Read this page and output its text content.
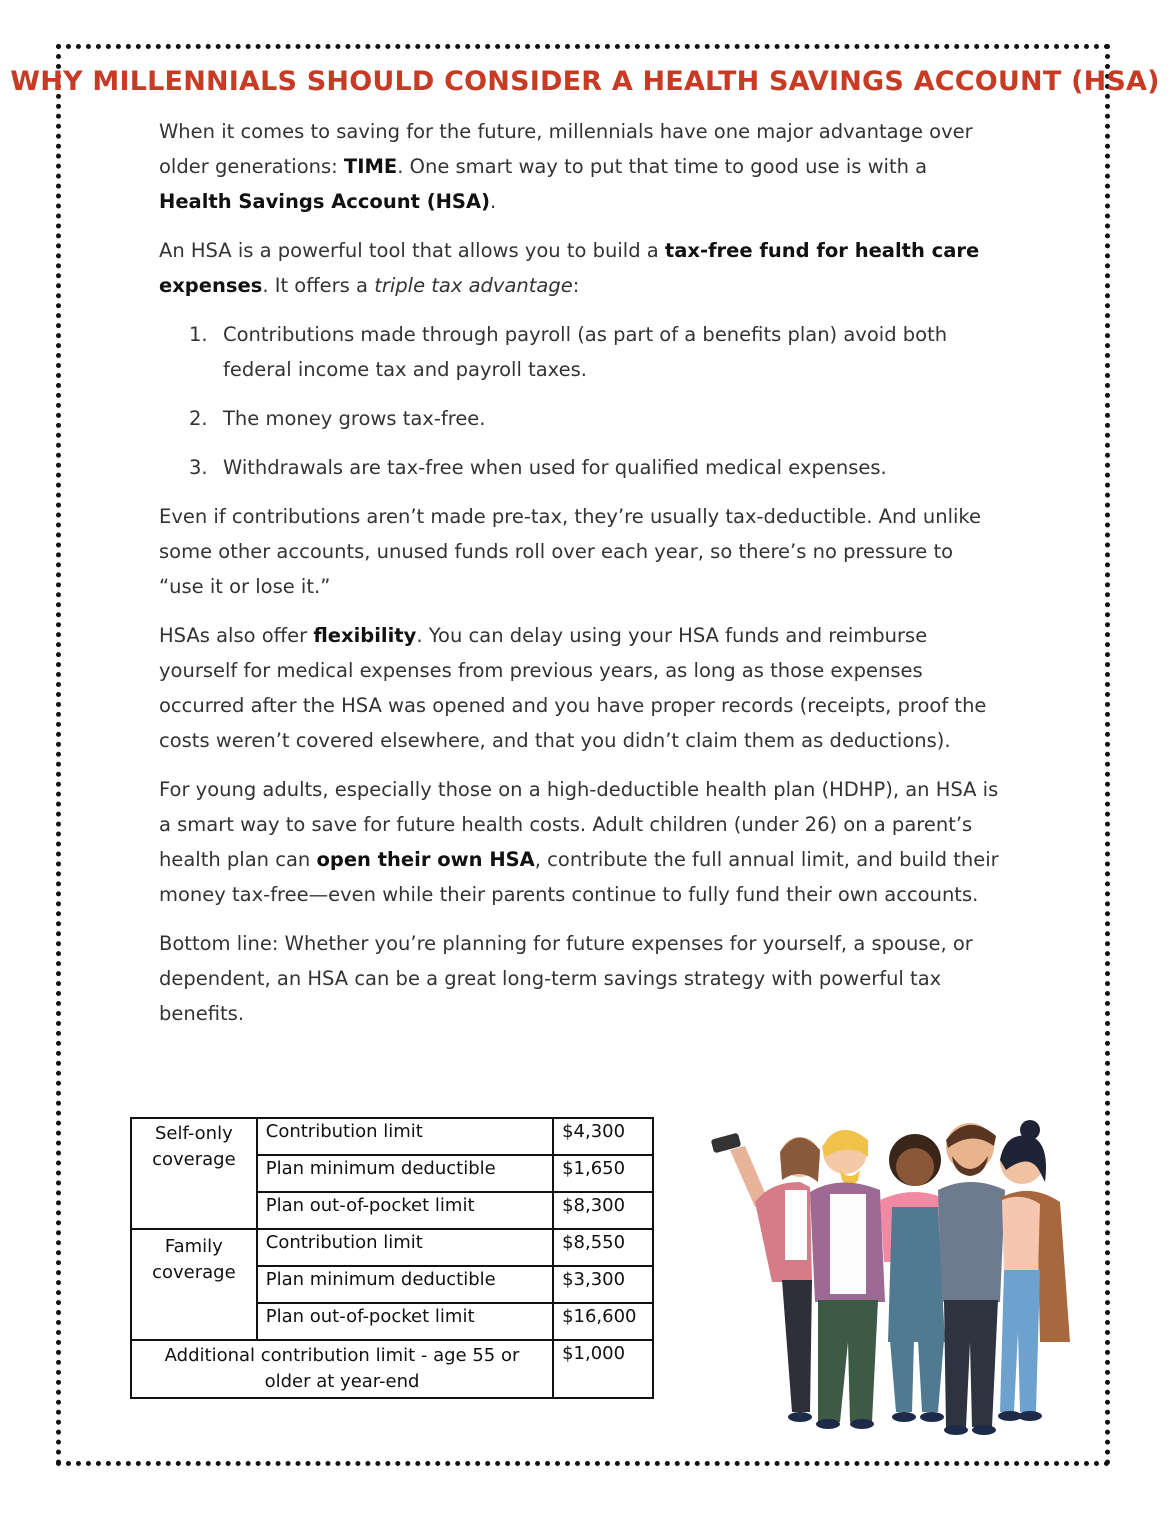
WHY MILLENNIALS SHOULD CONSIDER A HEALTH SAVINGS ACCOUNT (HSA)

When it comes to saving for the future, millennials have one major advantage over older generations: TIME. One smart way to put that time to good use is with a Health Savings Account (HSA).

An HSA is a powerful tool that allows you to build a tax-free fund for health care expenses. It offers a triple tax advantage:

1. Contributions made through payroll (as part of a benefits plan) avoid both federal income tax and payroll taxes.
2. The money grows tax-free.
3. Withdrawals are tax-free when used for qualified medical expenses.

Even if contributions aren’t made pre-tax, they’re usually tax-deductible. And unlike some other accounts, unused funds roll over each year, so there’s no pressure to “use it or lose it.”

HSAs also offer flexibility. You can delay using your HSA funds and reimburse yourself for medical expenses from previous years, as long as those expenses occurred after the HSA was opened and you have proper records (receipts, proof the costs weren’t covered elsewhere, and that you didn’t claim them as deductions).

For young adults, especially those on a high-deductible health plan (HDHP), an HSA is a smart way to save for future health costs. Adult children (under 26) on a parent’s health plan can open their own HSA, contribute the full annual limit, and build their money tax-free—even while their parents continue to fully fund their own accounts.

Bottom line: Whether you’re planning for future expenses for yourself, a spouse, or dependent, an HSA can be a great long-term savings strategy with powerful tax benefits.

Self-only coverage	Contribution limit	$4,300
	Plan minimum deductible	$1,650
	Plan out-of-pocket limit	$8,300
Family coverage	Contribution limit	$8,550
	Plan minimum deductible	$3,300
	Plan out-of-pocket limit	$16,600
Additional contribution limit - age 55 or older at year-end		$1,000
